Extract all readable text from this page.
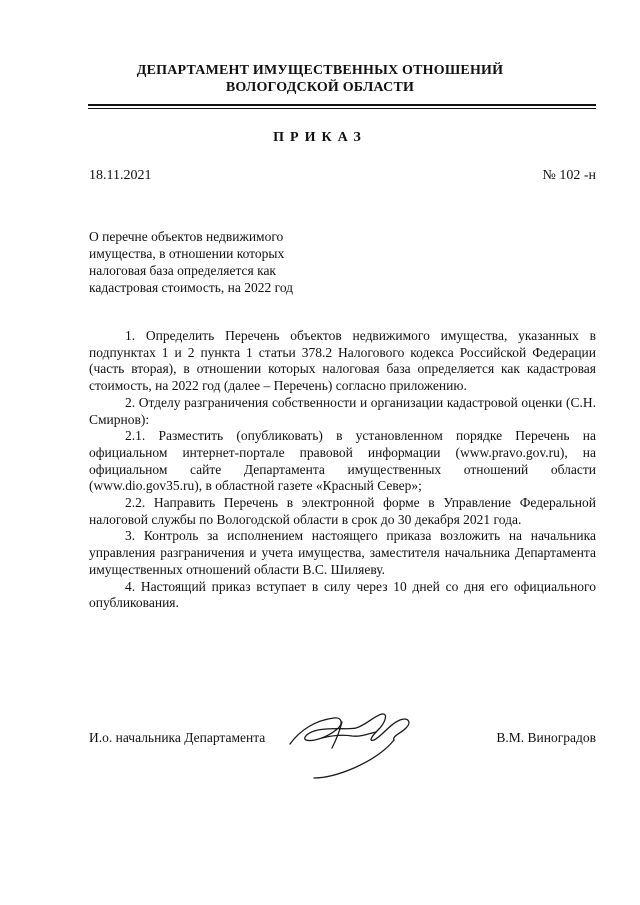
ДЕПАРТАМЕНТ ИМУЩЕСТВЕННЫХ ОТНОШЕНИЙ
ВОЛОГОДСКОЙ ОБЛАСТИ
ПРИКАЗ
18.11.2021	№ 102 -н
О перечне объектов недвижимого
имущества, в отношении которых
налоговая база определяется как
кадастровая стоимость, на 2022 год

1. Определить Перечень объектов недвижимого имущества, указанных в подпунктах 1 и 2 пункта 1 статьи 378.2 Налогового кодекса Российской Федерации (часть вторая), в отношении которых налоговая база определяется как кадастровая стоимость, на 2022 год (далее – Перечень) согласно приложению.

2. Отделу разграничения собственности и организации кадастровой оценки (С.Н. Смирнов):

2.1. Разместить (опубликовать) в установленном порядке Перечень на официальном интернет-портале правовой информации (www.pravo.gov.ru), на официальном сайте Департамента имущественных отношений области (www.dio.gov35.ru), в областной газете «Красный Север»;

2.2. Направить Перечень в электронной форме в Управление Федеральной налоговой службы по Вологодской области в срок до 30 декабря 2021 года.

3. Контроль за исполнением настоящего приказа возложить на начальника управления разграничения и учета имущества, заместителя начальника Департамента имущественных отношений области В.С. Шиляеву.

4. Настоящий приказ вступает в силу через 10 дней со дня его официального опубликования.

И.о. начальника Департамента	В.М. Виноградов
